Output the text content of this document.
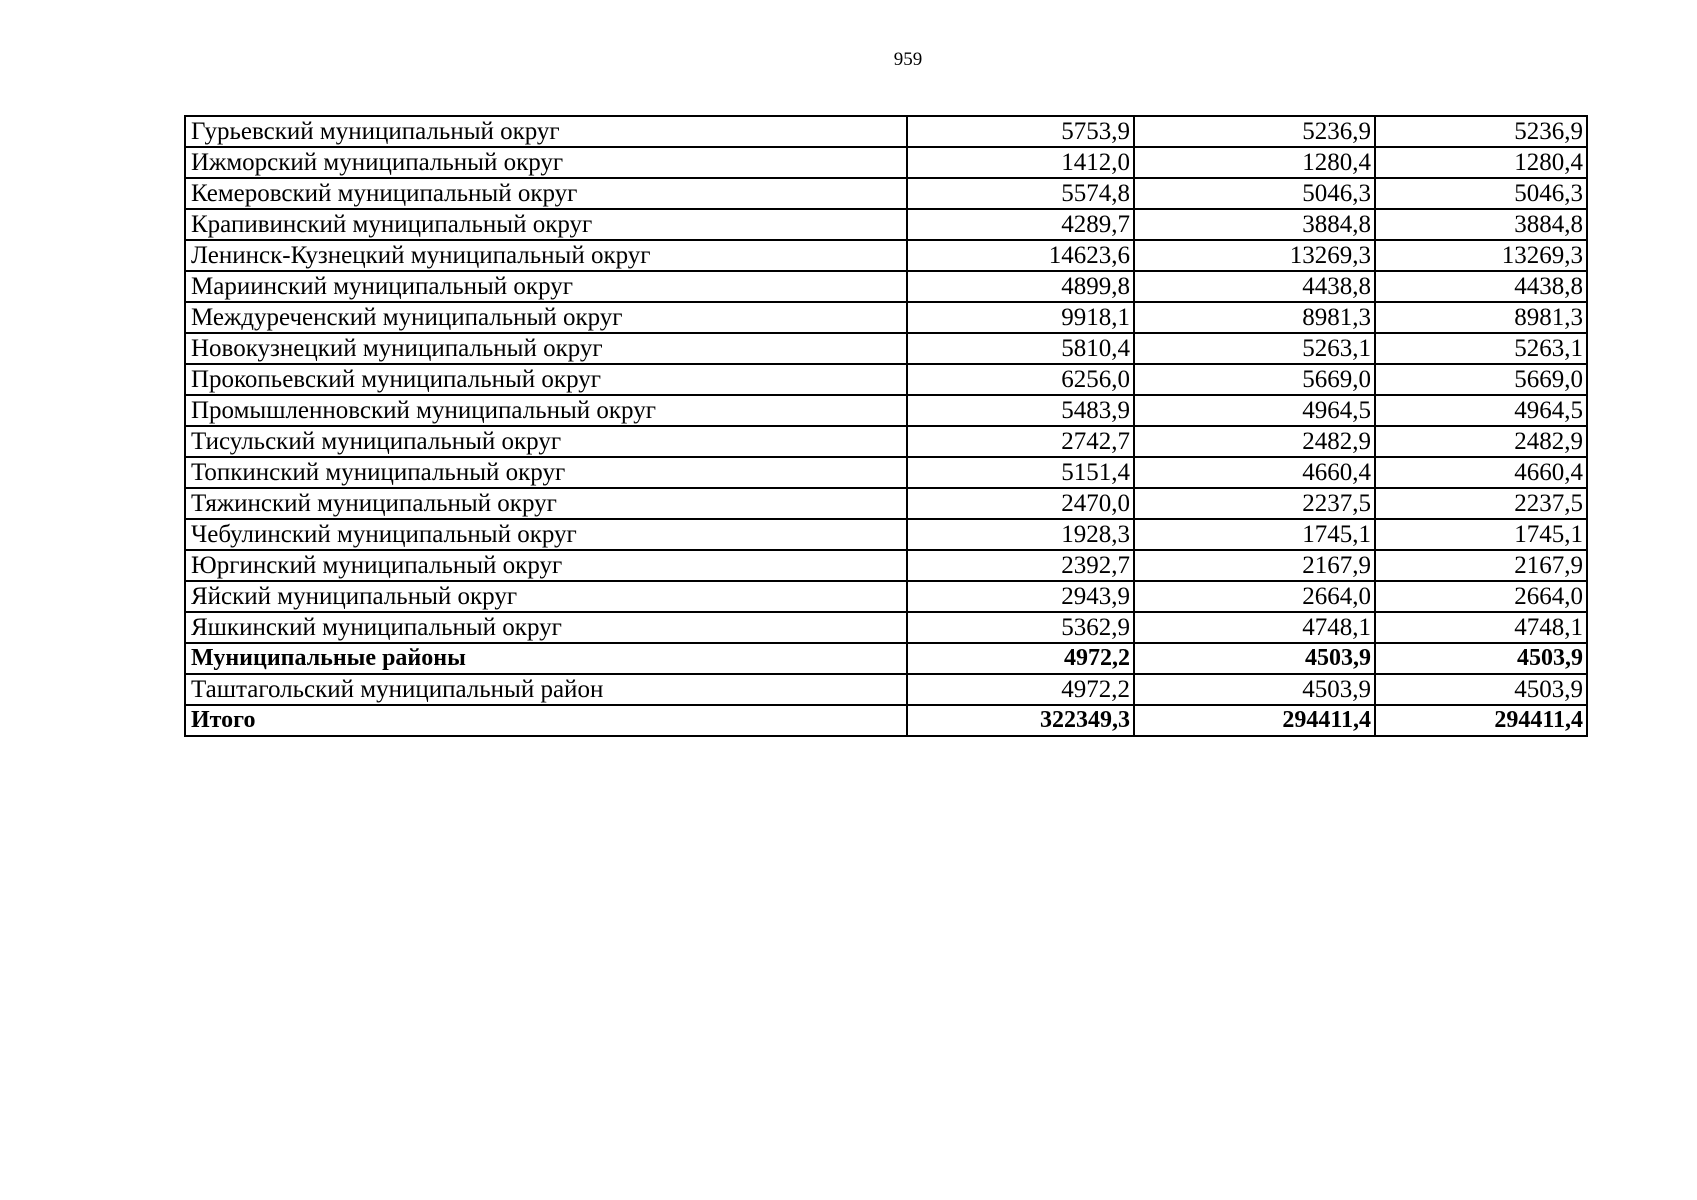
959
Гурьевский муниципальный округ	5753,9	5236,9	5236,9
Ижморский муниципальный округ	1412,0	1280,4	1280,4
Кемеровский муниципальный округ	5574,8	5046,3	5046,3
Крапивинский муниципальный округ	4289,7	3884,8	3884,8
Ленинск-Кузнецкий муниципальный округ	14623,6	13269,3	13269,3
Мариинский муниципальный округ	4899,8	4438,8	4438,8
Междуреченский муниципальный округ	9918,1	8981,3	8981,3
Новокузнецкий муниципальный округ	5810,4	5263,1	5263,1
Прокопьевский муниципальный округ	6256,0	5669,0	5669,0
Промышленновский муниципальный округ	5483,9	4964,5	4964,5
Тисульский муниципальный округ	2742,7	2482,9	2482,9
Топкинский муниципальный округ	5151,4	4660,4	4660,4
Тяжинский муниципальный округ	2470,0	2237,5	2237,5
Чебулинский муниципальный округ	1928,3	1745,1	1745,1
Юргинский муниципальный округ	2392,7	2167,9	2167,9
Яйский муниципальный округ	2943,9	2664,0	2664,0
Яшкинский муниципальный округ	5362,9	4748,1	4748,1
Муниципальные районы	4972,2	4503,9	4503,9
Таштагольский муниципальный район	4972,2	4503,9	4503,9
Итого	322349,3	294411,4	294411,4
